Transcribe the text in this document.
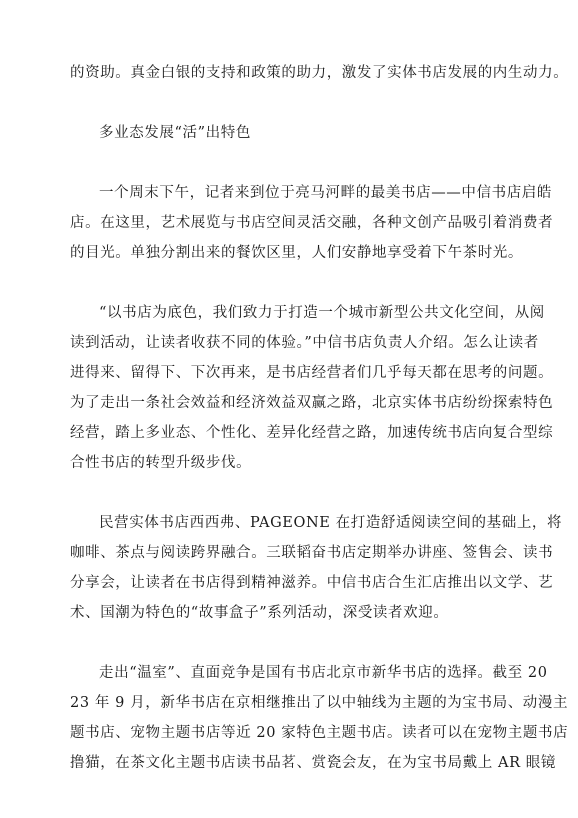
的资助。真金白银的支持和政策的助力，激发了实体书店发展的内生动力。
多业态发展“活”出特色
一个周末下午，记者来到位于亮马河畔的最美书店——中信书店启皓
店。在这里，艺术展览与书店空间灵活交融，各种文创产品吸引着消费者
的目光。单独分割出来的餐饮区里，人们安静地享受着下午茶时光。
“以书店为底色，我们致力于打造一个城市新型公共文化空间，从阅
读到活动，让读者收获不同的体验。”中信书店负责人介绍。怎么让读者
进得来、留得下、下次再来，是书店经营者们几乎每天都在思考的问题。
为了走出一条社会效益和经济效益双赢之路，北京实体书店纷纷探索特色
经营，踏上多业态、个性化、差异化经营之路，加速传统书店向复合型综
合性书店的转型升级步伐。
民营实体书店西西弗、PAGEONE 在打造舒适阅读空间的基础上，将
咖啡、茶点与阅读跨界融合。三联韬奋书店定期举办讲座、签售会、读书
分享会，让读者在书店得到精神滋养。中信书店合生汇店推出以文学、艺
术、国潮为特色的“故事盒子”系列活动，深受读者欢迎。
走出“温室”、直面竞争是国有书店北京市新华书店的选择。截至 20
23 年 9 月，新华书店在京相继推出了以中轴线为主题的为宝书局、动漫主
题书店、宠物主题书店等近 20 家特色主题书店。读者可以在宠物主题书店
撸猫，在茶文化主题书店读书品茗、赏瓷会友，在为宝书局戴上 AR 眼镜
